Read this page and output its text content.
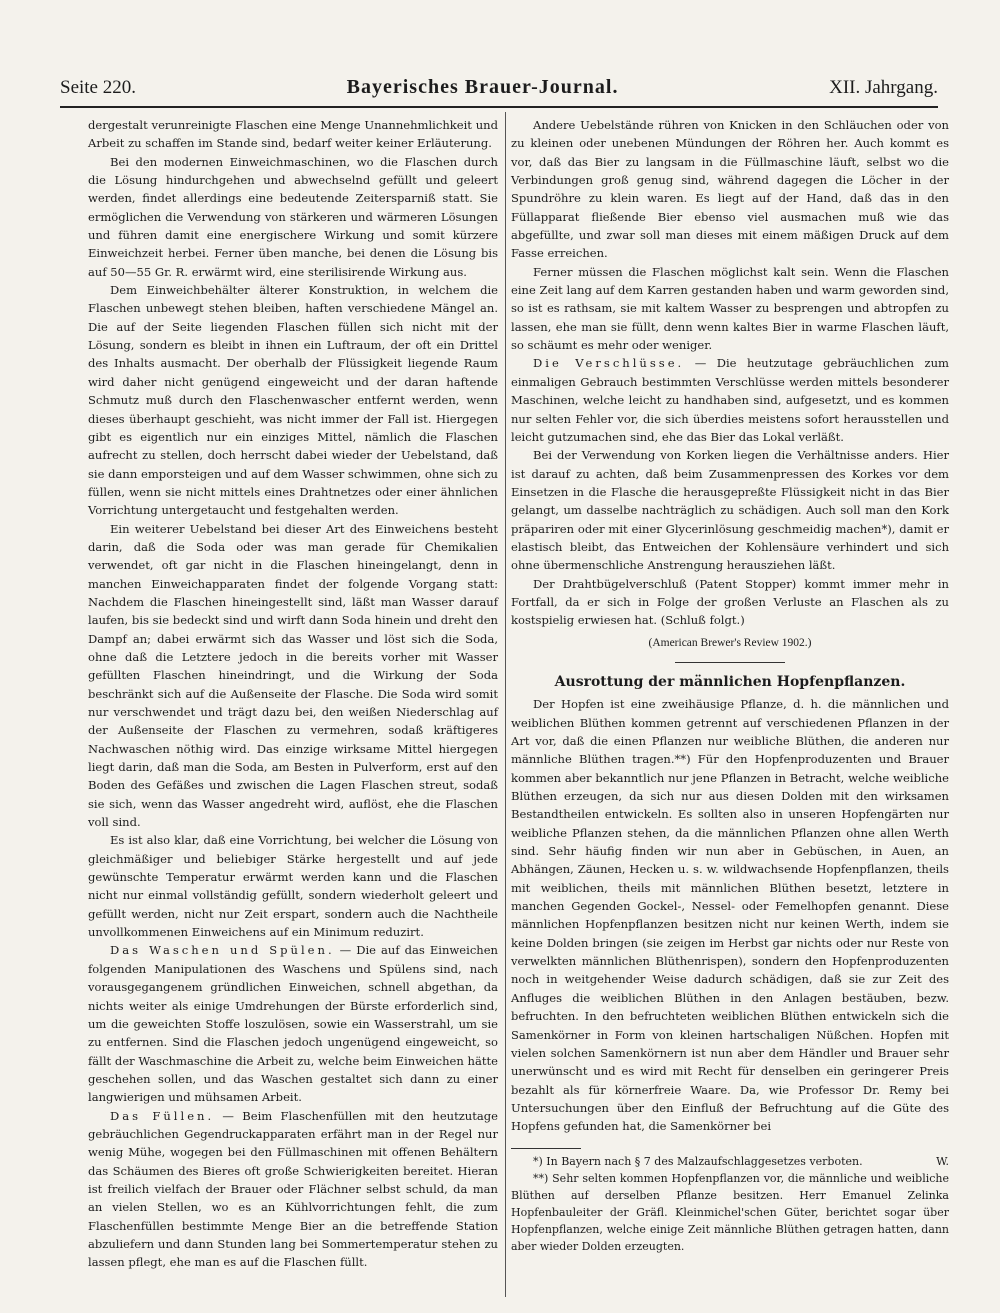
Seite 220.	Bayerisches Brauer-Journal.	XII. Jahrgang.

dergestalt verunreinigte Flaschen eine Menge Unannehmlichkeit und Arbeit zu schaffen im Stande sind, bedarf weiter keiner Erläuterung.

Bei den modernen Einweichmaschinen, wo die Flaschen durch die Lösung hindurchgehen und abwechselnd gefüllt und geleert werden, findet allerdings eine bedeutende Zeitersparniß statt. Sie ermöglichen die Verwendung von stärkeren und wärmeren Lösungen und führen damit eine energischere Wirkung und somit kürzere Einweichzeit herbei. Ferner üben manche, bei denen die Lösung bis auf 50—55 Gr. R. erwärmt wird, eine sterilisirende Wirkung aus.

Dem Einweichbehälter älterer Konstruktion, in welchem die Flaschen unbewegt stehen bleiben, haften verschiedene Mängel an. Die auf der Seite liegenden Flaschen füllen sich nicht mit der Lösung, sondern es bleibt in ihnen ein Luftraum, der oft ein Drittel des Inhalts ausmacht. Der oberhalb der Flüssigkeit liegende Raum wird daher nicht genügend eingeweicht und der daran haftende Schmutz muß durch den Flaschenwascher entfernt werden, wenn dieses überhaupt geschieht, was nicht immer der Fall ist. Hiergegen gibt es eigentlich nur ein einziges Mittel, nämlich die Flaschen aufrecht zu stellen, doch herrscht dabei wieder der Uebelstand, daß sie dann emporsteigen und auf dem Wasser schwimmen, ohne sich zu füllen, wenn sie nicht mittels eines Drahtnetzes oder einer ähnlichen Vorrichtung untergetaucht und festgehalten werden.

Ein weiterer Uebelstand bei dieser Art des Einweichens besteht darin, daß die Soda oder was man gerade für Chemikalien verwendet, oft gar nicht in die Flaschen hineingelangt, denn in manchen Einweichapparaten findet der folgende Vorgang statt: Nachdem die Flaschen hineingestellt sind, läßt man Wasser darauf laufen, bis sie bedeckt sind und wirft dann Soda hinein und dreht den Dampf an; dabei erwärmt sich das Wasser und löst sich die Soda, ohne daß die Letztere jedoch in die bereits vorher mit Wasser gefüllten Flaschen hineindringt, und die Wirkung der Soda beschränkt sich auf die Außenseite der Flasche. Die Soda wird somit nur verschwendet und trägt dazu bei, den weißen Niederschlag auf der Außenseite der Flaschen zu vermehren, sodaß kräftigeres Nachwaschen nöthig wird. Das einzige wirksame Mittel hiergegen liegt darin, daß man die Soda, am Besten in Pulverform, erst auf den Boden des Gefäßes und zwischen die Lagen Flaschen streut, sodaß sie sich, wenn das Wasser angedreht wird, auflöst, ehe die Flaschen voll sind.

Es ist also klar, daß eine Vorrichtung, bei welcher die Lösung von gleichmäßiger und beliebiger Stärke hergestellt und auf jede gewünschte Temperatur erwärmt werden kann und die Flaschen nicht nur einmal vollständig gefüllt, sondern wiederholt geleert und gefüllt werden, nicht nur Zeit erspart, sondern auch die Nachtheile unvollkommenen Einweichens auf ein Minimum reduzirt.

Das Waschen und Spülen. — Die auf das Einweichen folgenden Manipulationen des Waschens und Spülens sind, nach vorausgegangenem gründlichen Einweichen, schnell abgethan, da nichts weiter als einige Umdrehungen der Bürste erforderlich sind, um die geweichten Stoffe loszulösen, sowie ein Wasserstrahl, um sie zu entfernen. Sind die Flaschen jedoch ungenügend eingeweicht, so fällt der Waschmaschine die Arbeit zu, welche beim Einweichen hätte geschehen sollen, und das Waschen gestaltet sich dann zu einer langwierigen und mühsamen Arbeit.

Das Füllen. — Beim Flaschenfüllen mit den heutzutage gebräuchlichen Gegendruckapparaten erfährt man in der Regel nur wenig Mühe, wogegen bei den Füllmaschinen mit offenen Behältern das Schäumen des Bieres oft große Schwierigkeiten bereitet. Hieran ist freilich vielfach der Brauer oder Flächner selbst schuld, da man an vielen Stellen, wo es an Kühlvorrichtungen fehlt, die zum Flaschenfüllen bestimmte Menge Bier an die betreffende Station abzuliefern und dann Stunden lang bei Sommertemperatur stehen zu lassen pflegt, ehe man es auf die Flaschen füllt.

Andere Uebelstände rühren von Knicken in den Schläuchen oder von zu kleinen oder unebenen Mündungen der Röhren her. Auch kommt es vor, daß das Bier zu langsam in die Füllmaschine läuft, selbst wo die Verbindungen groß genug sind, während dagegen die Löcher in der Spundröhre zu klein waren. Es liegt auf der Hand, daß das in den Füllapparat fließende Bier ebenso viel ausmachen muß wie das abgefüllte, und zwar soll man dieses mit einem mäßigen Druck auf dem Fasse erreichen.

Ferner müssen die Flaschen möglichst kalt sein. Wenn die Flaschen eine Zeit lang auf dem Karren gestanden haben und warm geworden sind, so ist es rathsam, sie mit kaltem Wasser zu besprengen und abtropfen zu lassen, ehe man sie füllt, denn wenn kaltes Bier in warme Flaschen läuft, so schäumt es mehr oder weniger.

Die Verschlüsse. — Die heutzutage gebräuchlichen zum einmaligen Gebrauch bestimmten Verschlüsse werden mittels besonderer Maschinen, welche leicht zu handhaben sind, aufgesetzt, und es kommen nur selten Fehler vor, die sich überdies meistens sofort herausstellen und leicht gutzumachen sind, ehe das Bier das Lokal verläßt.

Bei der Verwendung von Korken liegen die Verhältnisse anders. Hier ist darauf zu achten, daß beim Zusammenpressen des Korkes vor dem Einsetzen in die Flasche die herausgepreßte Flüssigkeit nicht in das Bier gelangt, um dasselbe nachträglich zu schädigen. Auch soll man den Kork präpariren oder mit einer Glycerinlösung geschmeidig machen*), damit er elastisch bleibt, das Entweichen der Kohlensäure verhindert und sich ohne übermenschliche Anstrengung herausziehen läßt.

Der Drahtbügelverschluß (Patent Stopper) kommt immer mehr in Fortfall, da er sich in Folge der großen Verluste an Flaschen als zu kostspielig erwiesen hat. (Schluß folgt.)

(American Brewer's Review 1902.)

Ausrottung der männlichen Hopfenpflanzen.

Der Hopfen ist eine zweihäusige Pflanze, d. h. die männlichen und weiblichen Blüthen kommen getrennt auf verschiedenen Pflanzen in der Art vor, daß die einen Pflanzen nur weibliche Blüthen, die anderen nur männliche Blüthen tragen.**) Für den Hopfenproduzenten und Brauer kommen aber bekanntlich nur jene Pflanzen in Betracht, welche weibliche Blüthen erzeugen, da sich nur aus diesen Dolden mit den wirksamen Bestandtheilen entwickeln. Es sollten also in unseren Hopfengärten nur weibliche Pflanzen stehen, da die männlichen Pflanzen ohne allen Werth sind. Sehr häufig finden wir nun aber in Gebüschen, in Auen, an Abhängen, Zäunen, Hecken u. s. w. wildwachsende Hopfenpflanzen, theils mit weiblichen, theils mit männlichen Blüthen besetzt, letztere in manchen Gegenden Gockel-, Nessel- oder Femelhopfen genannt. Diese männlichen Hopfenpflanzen besitzen nicht nur keinen Werth, indem sie keine Dolden bringen (sie zeigen im Herbst gar nichts oder nur Reste von verwelkten männlichen Blüthenrispen), sondern den Hopfenproduzenten noch in weitgehender Weise dadurch schädigen, daß sie zur Zeit des Anfluges die weiblichen Blüthen in den Anlagen bestäuben, bezw. befruchten. In den befruchteten weiblichen Blüthen entwickeln sich die Samenkörner in Form von kleinen hartschaligen Nüßchen. Hopfen mit vielen solchen Samenkörnern ist nun aber dem Händler und Brauer sehr unerwünscht und es wird mit Recht für denselben ein geringerer Preis bezahlt als für körnerfreie Waare. Da, wie Professor Dr. Remy bei Untersuchungen über den Einfluß der Befruchtung auf die Güte des Hopfens gefunden hat, die Samenkörner bei

*) In Bayern nach § 7 des Malzaufschlaggesetzes verboten.	W.

**) Sehr selten kommen Hopfenpflanzen vor, die männliche und weibliche Blüthen auf derselben Pflanze besitzen. Herr Emanuel Zelinka Hopfenbauleiter der Gräfl. Kleinmichel'schen Güter, berichtet sogar über Hopfenpflanzen, welche einige Zeit männliche Blüthen getragen hatten, dann aber wieder Dolden erzeugten.
